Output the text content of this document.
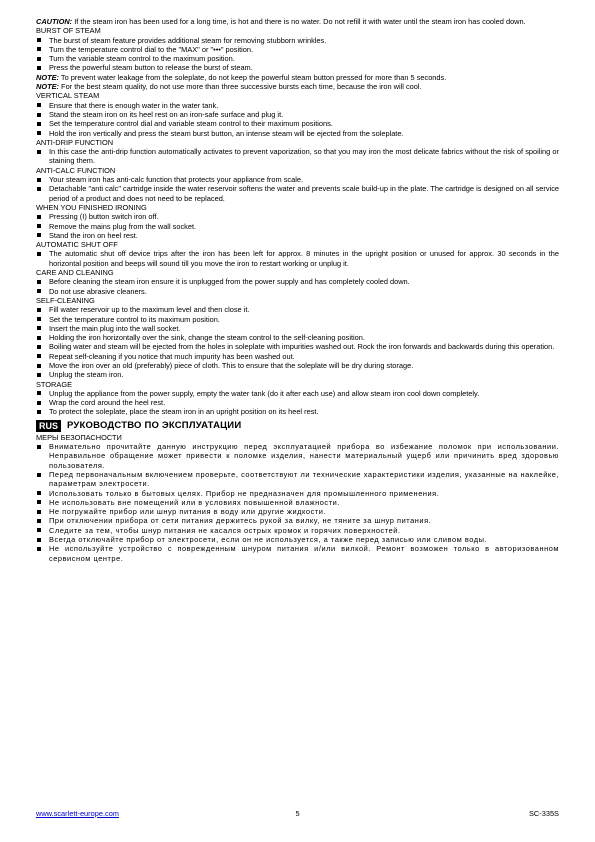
CAUTION: If the steam iron has been used for a long time, is hot and there is no water. Do not refill it with water until the steam iron has cooled down.

BURST OF STEAM

The burst of steam feature provides additional steam for removing stubborn wrinkles.
Turn the temperature control dial to the "MAX" or "•••" position.
Turn the variable steam control to the maximum position.
Press the powerful steam button to release the burst of steam.

NOTE: To prevent water leakage from the soleplate, do not keep the powerful steam button pressed for more than 5 seconds.

NOTE: For the best steam quality, do not use more than three successive bursts each time, because the iron will cool.

VERTICAL STEAM

Ensure that there is enough water in the water tank.
Stand the steam iron on its heel rest on an iron-safe surface and plug it.
Set the temperature control dial and variable steam control to their maximum positions.
Hold the iron vertically and press the steam burst button, an intense steam will be ejected from the soleplate.

ANTI-DRIP FUNCTION

In this case the anti-drip function automatically activates to prevent vaporization, so that you may iron the most delicate fabrics without the risk of spoiling or staining them.

ANTI-CALC FUNCTION

Your steam iron has anti-calc function that protects your appliance from scale.
Detachable "anti calc" cartridge inside the water reservoir softens the water and prevents scale build-up in the plate. The cartridge is designed on all service period of a product and does not need to be replaced.

WHEN YOU FINISHED IRONING

Pressing (I) button switch iron off.
Remove the mains plug from the wall socket.
Stand the iron on heel rest.

AUTOMATIC SHUT OFF

The automatic shut off device trips after the iron has been left for approx. 8 minutes in the upright position or unused for approx. 30 seconds in the horizontal position and beeps will sound till you move the iron to restart working or unplug it.

CARE AND CLEANING

Before cleaning the steam iron ensure it is unplugged from the power supply and has completely cooled down.
Do not use abrasive cleaners.

SELF-CLEANING

Fill water reservoir up to the maximum level and then close it.
Set the temperature control to its maximum position.
Insert the main plug into the wall socket.
Holding the iron horizontally over the sink, change the steam control to the self-cleaning position.
Boiling water and steam will be ejected from the holes in soleplate with impurities washed out. Rock the iron forwards and backwards during this operation.
Repeat self-cleaning if you notice that much impurity has been washed out.
Move the iron over an old (preferably) piece of cloth. This to ensure that the soleplate will be dry during storage.
Unplug the steam iron.

STORAGE

Unplug the appliance from the power supply, empty the water tank (do it after each use) and allow steam iron cool down completely.
Wrap the cord around the heel rest.
To protect the soleplate, place the steam iron in an upright position on its heel rest.
RUS РУКОВОДСТВО ПО ЭКСПЛУАТАЦИИ

МЕРЫ БЕЗОПАСНОСТИ

Внимательно прочитайте данную инструкцию перед эксплуатацией прибора во избежание поломок при использовании. Неправильное обращение может привести к поломке изделия, нанести материальный ущерб или причинить вред здоровью пользователя.
Перед первоначальным включением проверьте, соответствуют ли технические характеристики изделия, указанные на наклейке, параметрам электросети.
Использовать только в бытовых целях. Прибор не предназначен для промышленного применения.
Не использовать вне помещений или в условиях повышенной влажности.
Не погружайте прибор или шнур питания в воду или другие жидкости.
При отключении прибора от сети питания держитесь рукой за вилку, не тяните за шнур питания.
Следите за тем, чтобы шнур питания не касался острых кромок и горячих поверхностей.
Всегда отключайте прибор от электросети, если он не используется, а также перед записью или сливом воды.
Не используйте устройство с поврежденным шнуром питания и/или вилкой. Ремонт возможен только в авторизованном сервисном центре.
www.scarlett-europe.com	5	SC-335S
